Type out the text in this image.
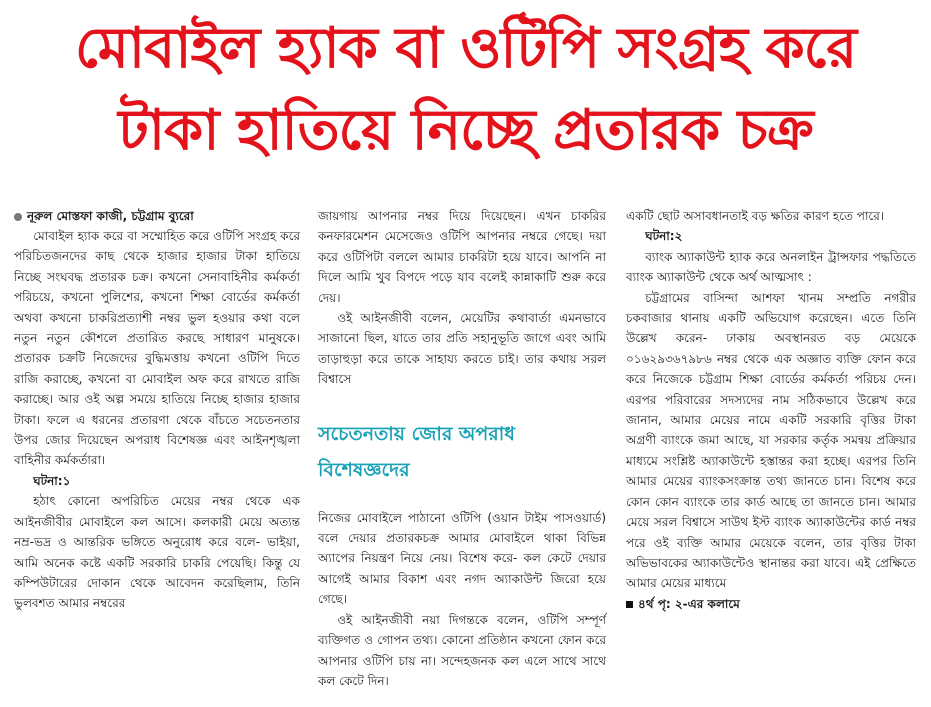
মোবাইল হ্যাক বা ওটিপি সংগ্রহ করে
টাকা হাতিয়ে নিচ্ছে প্রতারক চক্র

নূরুল মোস্তফা কাজী, চট্টগ্রাম ব্যুরো

মোবাইল হ্যাক করে বা সম্মোহিত করে ওটিপি সংগ্রহ করে পরিচিতজনদের কাছ থেকে হাজার হাজার টাকা হাতিয়ে নিচ্ছে সংঘবদ্ধ প্রতারক চক্র। কখনো সেনাবাহিনীর কর্মকর্তা পরিচয়ে, কখনো পুলিশের, কখনো শিক্ষা বোর্ডের কর্মকর্তা অথবা কখনো চাকরিপ্রত্যাশী নম্বর ভুল হওয়ার কথা বলে নতুন নতুন কৌশলে প্রতারিত করছে সাধারণ মানুষকে। প্রতারক চক্রটি নিজেদের বুদ্ধিমত্তায় কখনো ওটিপি দিতে রাজি করাচ্ছে, কখনো বা মোবাইল অফ করে রাখতে রাজি করাচ্ছে। আর ওই অল্প সময়ে হাতিয়ে নিচ্ছে হাজার হাজার টাকা। ফলে এ ধরনের প্রতারণা থেকে বাঁচতে সচেতনতার উপর জোর দিয়েছেন অপরাধ বিশেষজ্ঞ এবং আইনশৃঙ্খলা বাহিনীর কর্মকর্তারা।

ঘটনা:১

হঠাৎ কোনো অপরিচিত মেয়ের নম্বর থেকে এক আইনজীবীর মোবাইলে কল আসে। কলকারী মেয়ে অত্যন্ত নম্র-ভদ্র ও আন্তরিক ভঙ্গিতে অনুরোধ করে বলে- ভাইয়া, আমি অনেক কষ্টে একটি সরকারি চাকরি পেয়েছি। কিন্তু যে কম্পিউটারের দোকান থেকে আবেদন করেছিলাম, তিনি ভুলবশত আমার নম্বরের

জায়গায় আপনার নম্বর দিয়ে দিয়েছেন। এখন চাকরির কনফারমেশন মেসেজেও ওটিপি আপনার নম্বরে গেছে। দয়া করে ওটিপিটা বললে আমার চাকরিটা হয়ে যাবে। আপনি না দিলে আমি খুব বিপদে পড়ে যাব বলেই কান্নাকাটি শুরু করে দেয়।

ওই আইনজীবী বলেন, মেয়েটির কথাবার্তা এমনভাবে সাজানো ছিল, যাতে তার প্রতি সহানুভূতি জাগে এবং আমি তাড়াহুড়া করে তাকে সাহায্য করতে চাই। তার কথায় সরল বিশ্বাসে

সচেতনতায় জোর অপরাধ

বিশেষজ্ঞদের

নিজের মোবাইলে পাঠানো ওটিপি (ওয়ান টাইম পাসওয়ার্ড) বলে দেয়ার প্রতারকচক্র আমার মোবাইলে থাকা বিভিন্ন অ্যাপের নিয়ন্ত্রণ নিয়ে নেয়। বিশেষ করে- কল কেটে দেয়ার আগেই আমার বিকাশ এবং নগদ অ্যাকাউন্ট জিরো হয়ে গেছে।

ওই আইনজীবী নয়া দিগন্তকে বলেন, ওটিপি সম্পূর্ণ ব্যক্তিগত ও গোপন তথ্য। কোনো প্রতিষ্ঠান কখনো ফোন করে আপনার ওটিপি চায় না। সন্দেহজনক কল এলে সাথে সাথে কল কেটে দিন।

একটি ছোট অসাবধানতাই বড় ক্ষতির কারণ হতে পারে।

ঘটনা:২

ব্যাংক অ্যাকাউন্ট হ্যাক করে অনলাইন ট্রান্সফার পদ্ধতিতে ব্যাংক অ্যাকাউন্ট থেকে অর্থ আত্মসাৎ :

চট্টগ্রামের বাসিন্দা আশফা খানম সম্প্রতি নগরীর চকবাজার থানায় একটি অভিযোগ করেছেন। এতে তিনি উল্লেখ করেন- ঢাকায় অবস্থানরত বড় মেয়েকে ০১৬২৯৩৬৭৯৮৬ নম্বর থেকে এক অজ্ঞাত ব্যক্তি ফোন করে করে নিজেকে চট্টগ্রাম শিক্ষা বোর্ডের কর্মকর্তা পরিচয় দেন। এরপর পরিবারের সদস্যদের নাম সঠিকভাবে উল্লেখ করে জানান, আমার মেয়ের নামে একটি সরকারি বৃত্তির টাকা অগ্রণী ব্যাংকে জমা আছে, যা সরকার কর্তৃক সমন্বয় প্রক্রিয়ার মাধ্যমে সংশ্লিষ্ট অ্যাকাউন্টে হস্তান্তর করা হচ্ছে। এরপর তিনি আমার মেয়ের ব্যাংকসংক্রান্ত তথ্য জানতে চান। বিশেষ করে কোন কোন ব্যাংকে তার কার্ড আছে তা জানতে চান। আমার মেয়ে সরল বিশ্বাসে সাউথ ইস্ট ব্যাংক অ্যাকাউন্টের কার্ড নম্বর পরে ওই ব্যক্তি আমার মেয়েকে বলেন, তার বৃত্তির টাকা অভিভাবকের অ্যাকাউন্টেও স্থানান্তর করা যাবে। এই প্রেক্ষিতে আমার মেয়ের মাধ্যমে

৪র্থ পৃ: ২-এর কলামে
